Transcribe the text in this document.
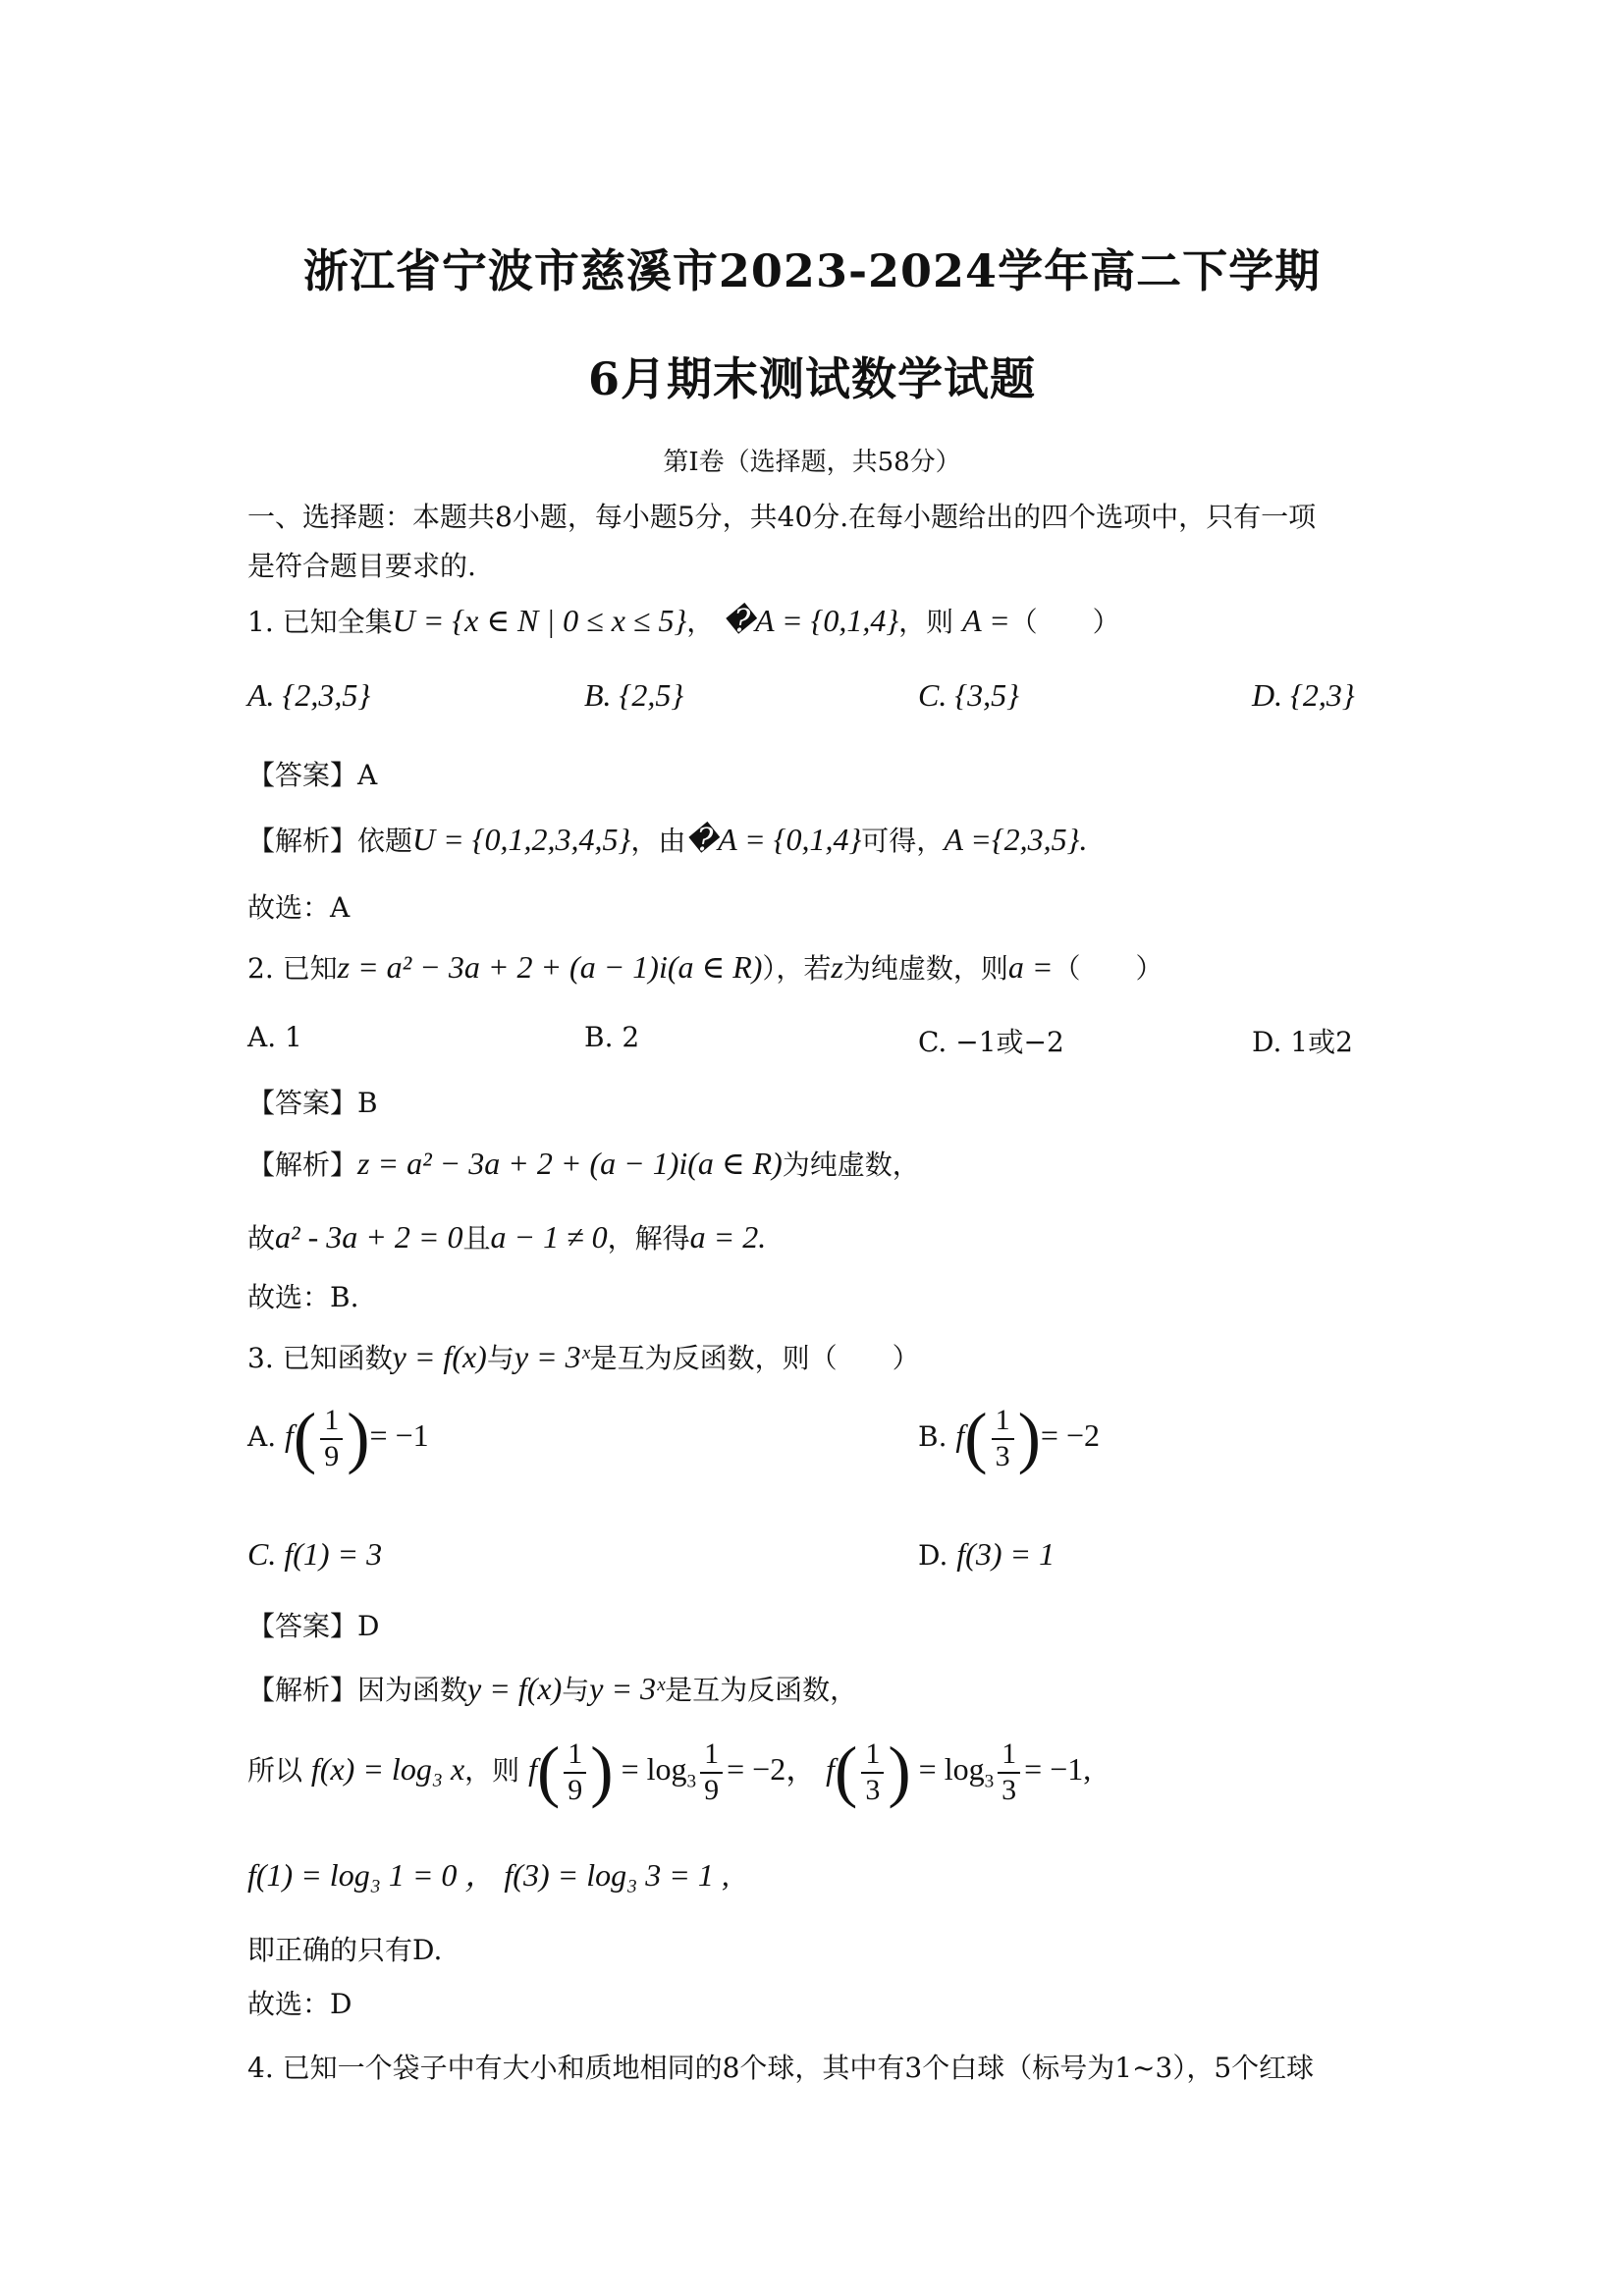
浙江省宁波市慈溪市2023-2024学年高二下学期
6月期末测试数学试题
第I卷（选择题，共58分）
一、选择题：本题共8小题，每小题5分，共40分.在每小题给出的四个选项中，只有一项
是符合题目要求的.
1. 已知全集U = {x ∈ N | 0 ≤ x ≤ 5}， �A = {0,1,4}，则 A =（　　）
A. {2,3,5}	B. {2,5}	C. {3,5}	D. {2,3}
【答案】A
【解析】依题U = {0,1,2,3,4,5}，由�A = {0,1,4}可得，A ={2,3,5}.
故选：A
2. 已知z = a² − 3a + 2 + (a − 1)i(a ∈ R)），若z为纯虚数，则a =（　　）
A. 1	B. 2	C. −1或−2	D. 1或2
【答案】B
【解析】z = a² − 3a + 2 + (a − 1)i(a ∈ R)为纯虚数，
故a² - 3a + 2 = 0且a − 1 ≠ 0，解得a = 2.
故选：B.
3. 已知函数y = f(x)与y = 3ˣ是互为反函数，则（　　）
A. $f( \frac{1}{9}$ )= −1	B. $f( \frac{1}{3}$ )= −2
C. f(1) = 3	D. f(3) = 1
【答案】D
【解析】因为函数y = f(x)与y = 3ˣ是互为反函数，
所以 f(x) = log₃ x，则 $f( \frac{1}{9}$ ) = $\log_3 \frac{1}{9} = -2$， $f( \frac{1}{3}$ ) = $\log_3 \frac{1}{3} = -1$,
f(1) = log₃ 1 = 0 ， f(3) = log₃ 3 = 1 ,
即正确的只有D.
故选：D
4. 已知一个袋子中有大小和质地相同的8个球，其中有3个白球（标号为1~3），5个红球
